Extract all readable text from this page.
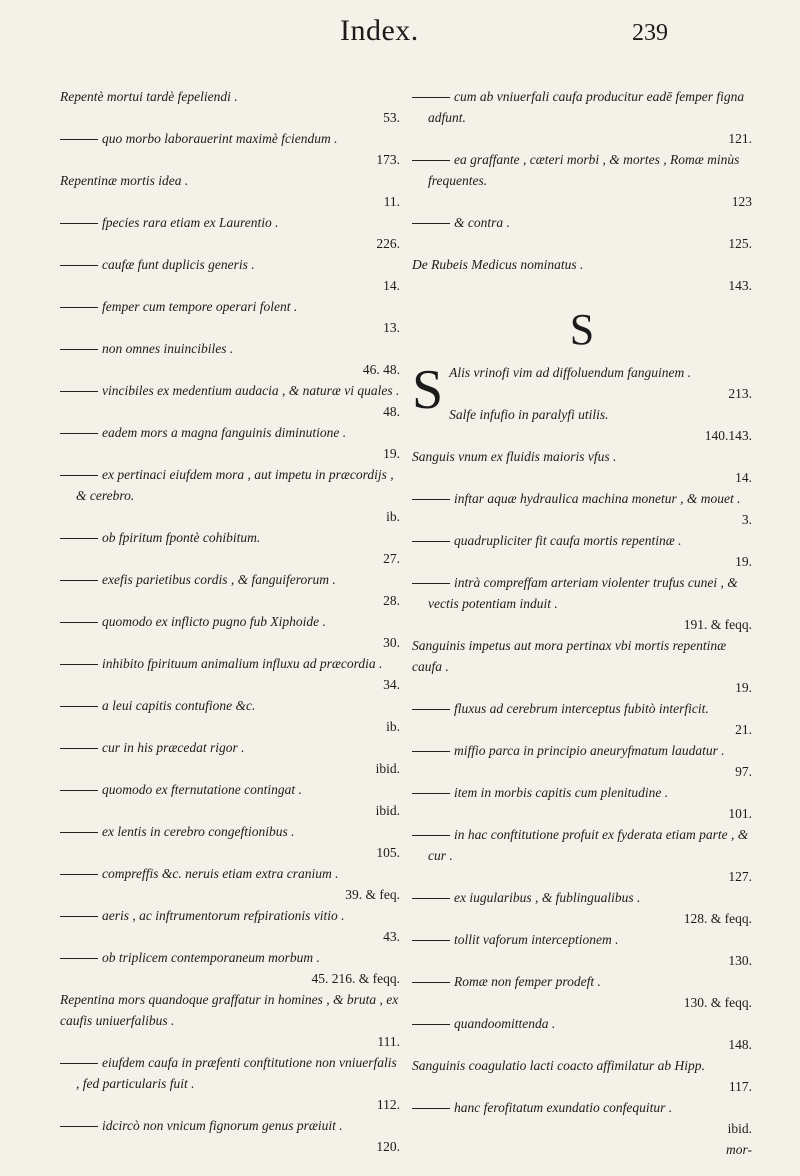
Index.	239
Repentè mortui tardè fepeliendi .
53.
quo morbo laborauerint maximè fciendum .
173.
Repentinæ mortis idea .
11.
fpecies rara etiam ex Laurentio .
226.
caufæ funt duplicis generis .
14.
femper cum tempore operari folent .
13.
non omnes inuincibiles .
46. 48.
vincibiles ex medentium audacia , & naturæ vi quales .
48.
eadem mors a magna fanguinis diminutione .
19.
ex pertinaci eiufdem mora , aut impetu in præcordijs , & cerebro.
ib.
ob fpiritum fpontè cohibitum.
27.
exefis parietibus cordis , & fanguiferorum .
28.
quomodo ex inflicto pugno fub Xiphoide .
30.
inhibito fpirituum animalium influxu ad præcordia .
34.
a leui capitis contufione &c.
ib.
cur in his præcedat rigor .
ibid.
quomodo ex fternutatione contingat .
ibid.
ex lentis in cerebro congeftionibus .
105.
compreffis &c. neruis etiam extra cranium .
39. & feq.
aeris , ac inftrumentorum refpirationis vitio .
43.
ob triplicem contemporaneum morbum .
45. 216. & feqq.
Repentina mors quandoque graffatur in homines , & bruta , ex caufis uniuerfalibus .
111.
eiufdem caufa in præfenti conftitutione non vniuerfalis , fed particularis fuit .
112.
idcircò non vnicum fignorum genus præiuit .
120.
cum ab vniuerfali caufa producitur eadē femper figna adfunt.
121.
ea graffante , cæteri morbi , & mortes , Romæ minùs frequentes.
123
& contra .
125.
De Rubeis Medicus nominatus .
143.
S
S Alis vrinofi vim ad diffoluendum fanguinem .
213.
Salfe infufio in paralyfi utilis.
140.143.
Sanguis vnum ex fluidis maioris vfus .
14.
inftar aquæ hydraulica machina monetur , & mouet .
3.
quadrupliciter fit caufa mortis repentinæ .
19.
intrà compreffam arteriam violenter trufus cunei , & vectis potentiam induit .
191. & feqq.
Sanguinis impetus aut mora pertinax vbi mortis repentinæ caufa .
19.
fluxus ad cerebrum interceptus fubitò interficit.
21.
miffio parca in principio aneuryfmatum laudatur .
97.
item in morbis capitis cum plenitudine .
101.
in hac conftitutione profuit ex fyderata etiam parte , & cur .
127.
ex iugularibus , & fublingualibus .
128. & feqq.
tollit vaforum interceptionem .
130.
Romæ non femper prodeft .
130. & feqq.
quandoomittenda .
148.
Sanguinis coagulatio lacti coacto affimilatur ab Hipp.
117.
hanc ferofitatum exundatio confequitur .
ibid.
mor-
